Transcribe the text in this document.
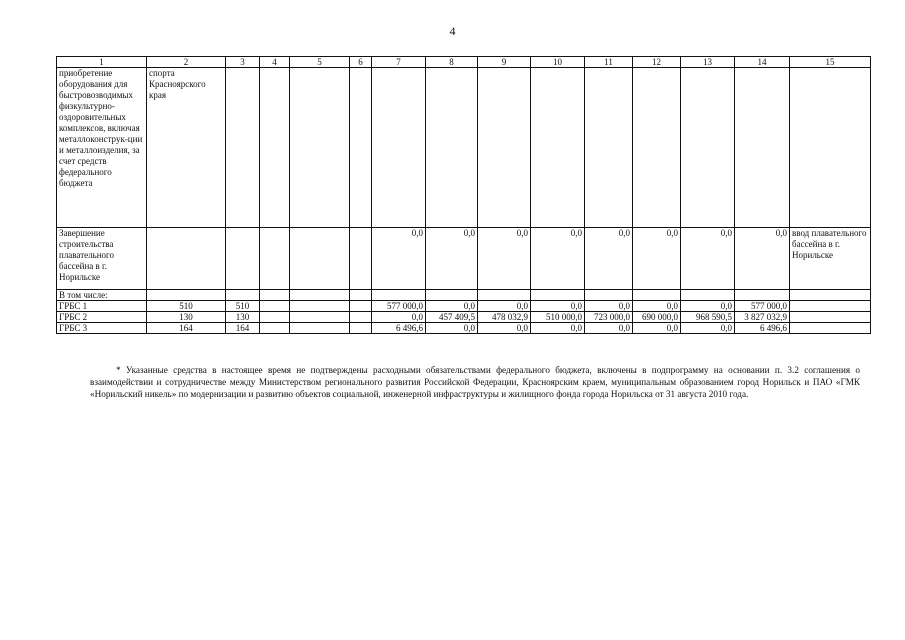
4
1	2	3	4	5	6	7	8	9	10	11	12	13	14	15
приобретение оборудования для быстровозводимых физкультурно-оздоровительных комплексов, включая металлоконструк-ции и металлоизделия, за счет средств федерального бюджета	спорта Красноярского края													
Завершение строительства плавательного бассейна в г. Норильске						0,0	0,0	0,0	0,0	0,0	0,0	0,0	0,0	ввод плавательного бассейна в г. Норильске
В том числе:														
ГРБС 1	510	510				577 000,0	0,0	0,0	0,0	0,0	0,0	0,0	577 000,0	
ГРБС 2	130	130				0,0	457 409,5	478 032,9	510 000,0	723 000,0	690 000,0	968 590,5	3 827 032,9	
ГРБС 3	164	164				6 496,6	0,0	0,0	0,0	0,0	0,0	0,0	6 496,6	
* Указанные средства в настоящее время не подтверждены расходными обязательствами федерального бюджета, включены в подпрограмму на основании п. 3.2 соглашения о взаимодействии и сотрудничестве между Министерством регионального развития Российской Федерации, Красноярским краем, муниципальным образованием город Норильск и ПАО «ГМК «Норильский никель» по модернизации и развитию объектов социальной, инженерной инфраструктуры и жилищного фонда города Норильска от 31 августа 2010 года.
